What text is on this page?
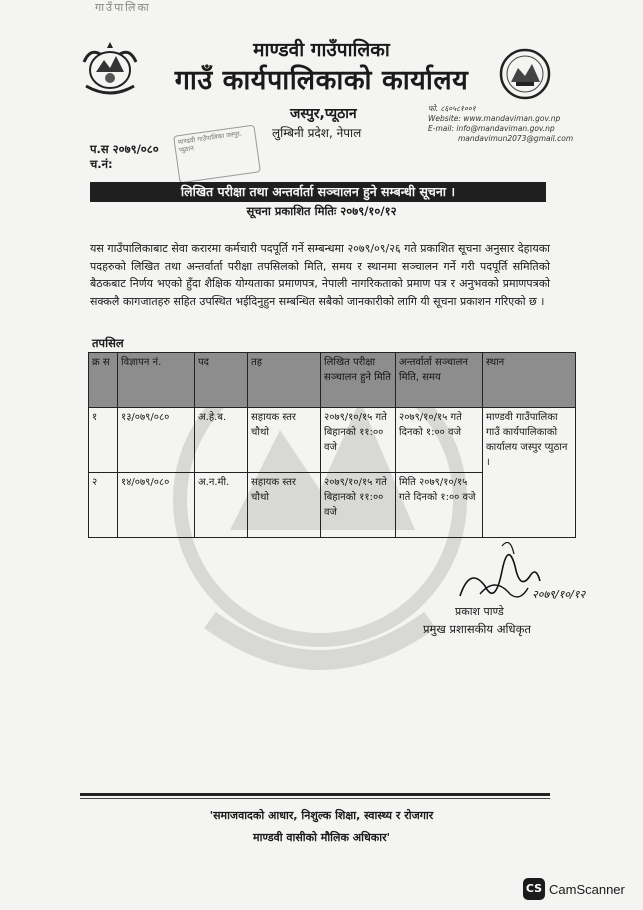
गाउँपालिका
माण्डवी गाउँपालिका
गाउँ कार्यपालिकाको कार्यालय
जस्पुर,प्यूठान
लुम्बिनी प्रदेश, नेपाल
फो. ८६०५८१००१
Website: www.mandaviman.gov.np
E-mail: info@mandaviman.gov.np
mandavimun2073@gmail.com
प.स २०७९/०८०
च.नं:
माण्डवी गाउँपालिका जस्पुर, प्युठान
लिखित परीक्षा तथा अन्तर्वार्ता सञ्चालन हुने सम्बन्धी सूचना ।
सूचना प्रकाशित मितिः २०७९/१०/१२
यस गाउँपालिकाबाट सेवा करारमा कर्मचारी पदपूर्ति गर्ने सम्बन्धमा २०७९/०९/२६ गते प्रकाशित सूचना अनुसार देहायका पदहरुको लिखित तथा अन्तर्वार्ता परीक्षा तपसिलको मिति, समय र स्थानमा सञ्चालन गर्ने गरी पदपूर्ति समितिको बैठकबाट निर्णय भएको हुँदा शैक्षिक योग्यताका प्रमाणपत्र, नेपाली नागरिकताको प्रमाण पत्र र अनुभवको प्रमाणपत्रको सक्कलै कागजातहरु सहित उपस्थित भईदिनुहुन सम्बन्धित सबैको जानकारीको लागि यी सूचना प्रकाशन गरिएको छ ।
तपसिल
क्र स	विज्ञापन नं.	पद	तह	लिखित परीक्षा सञ्चालन हुने मिति	अन्तर्वार्ता सञ्चालन मिति, समय	स्थान
१	१३/०७९/०८०	अ.हे.ब.	सहायक स्तर चौथो	२०७९/१०/१५ गते बिहानको ११:०० वजे	२०७९/१०/१५ गते दिनको १:०० वजे	माण्डवी गाउँपालिका गाउँ कार्यपालिकाको कार्यालय जस्पुर प्युठान ।
२	१४/०७९/०८०	अ.न.मी.	सहायक स्तर चौथो	२०७९/१०/१५ गते बिहानको ११:०० वजे	मिति २०७९/१०/१५ गते दिनको १:०० वजे	
२०७९/१०/१२
प्रकाश पाण्डे
प्रमुख प्रशासकीय अधिकृत
'समाजवादको आधार, निशुल्क शिक्षा, स्वास्थ्य र रोजगार
माण्डवी वासीको मौलिक अधिकार'
CS CamScanner
